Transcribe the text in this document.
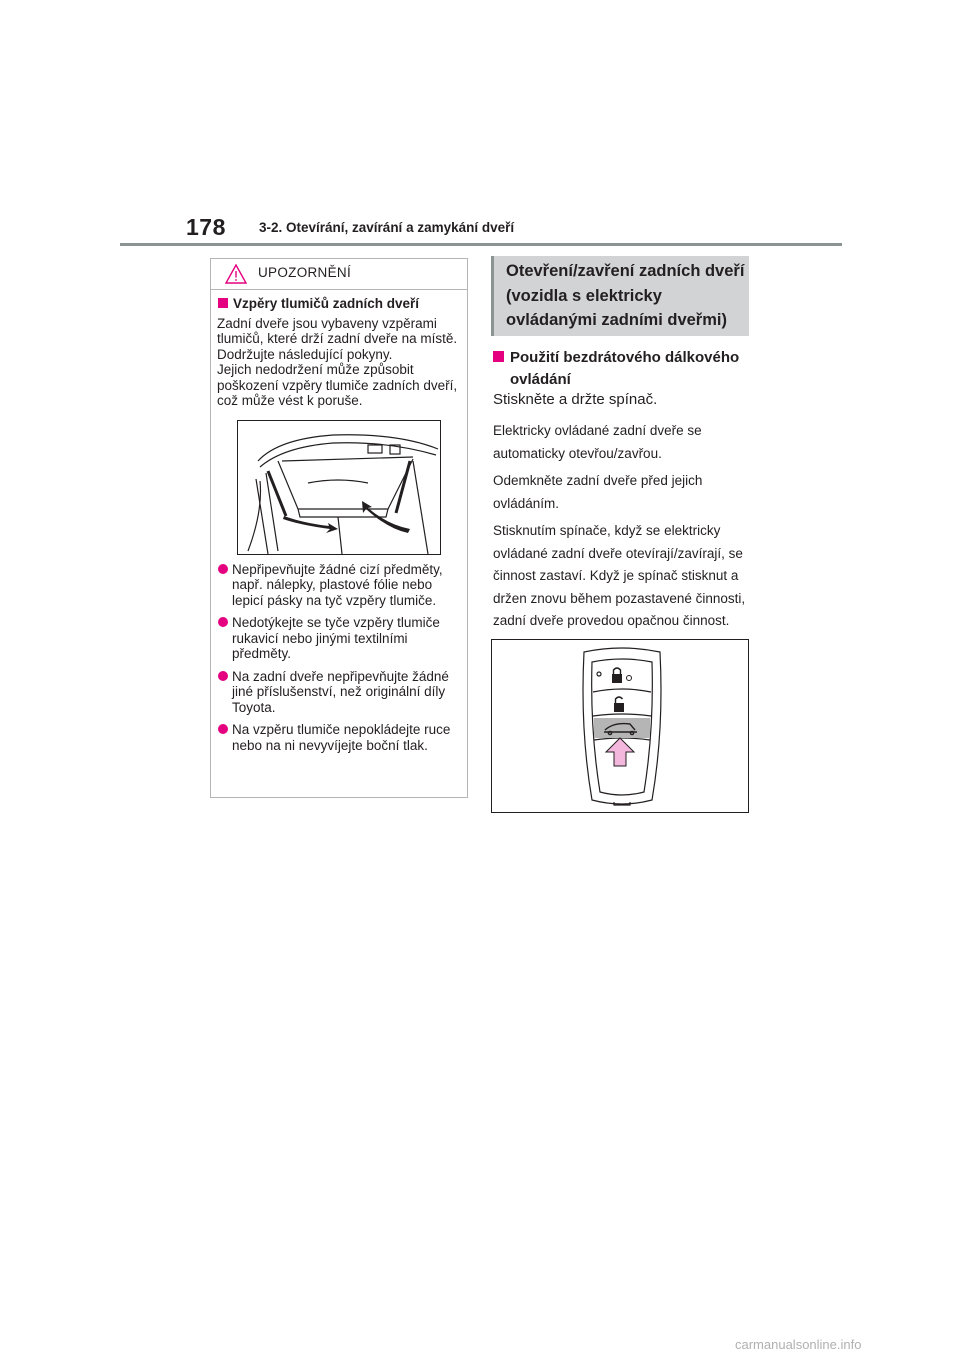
178 3-2. Otevírání, zavírání a zamykání dveří
UPOZORNĚNÍ
Vzpěry tlumičů zadních dveří
Zadní dveře jsou vybaveny vzpěrami tlumičů, které drží zadní dveře na místě.
Dodržujte následující pokyny.
Jejich nedodržení může způsobit poškození vzpěry tlumiče zadních dveří, což může vést k poruše.
Nepřipevňujte žádné cizí předměty, např. nálepky, plastové fólie nebo lepicí pásky na tyč vzpěry tlumiče.
Nedotýkejte se tyče vzpěry tlumiče rukavicí nebo jinými textilními předměty.
Na zadní dveře nepřipevňujte žádné jiné příslušenství, než originální díly Toyota.
Na vzpěru tlumiče nepokládejte ruce nebo na ni nevyvíjejte boční tlak.
Otevření/zavření zadních dveří (vozidla s elektricky ovládanými zadními dveřmi)
Použití bezdrátového dálkového ovládání
Stiskněte a držte spínač.

Elektricky ovládané zadní dveře se automaticky otevřou/zavřou.

Odemkněte zadní dveře před jejich ovládáním.

Stisknutím spínače, když se elektricky ovládané zadní dveře otevírají/zavírají, se činnost zastaví. Když je spínač stisknut a držen znovu během pozastavené činnosti, zadní dveře provedou opačnou činnost.

carmanualsonline.info
